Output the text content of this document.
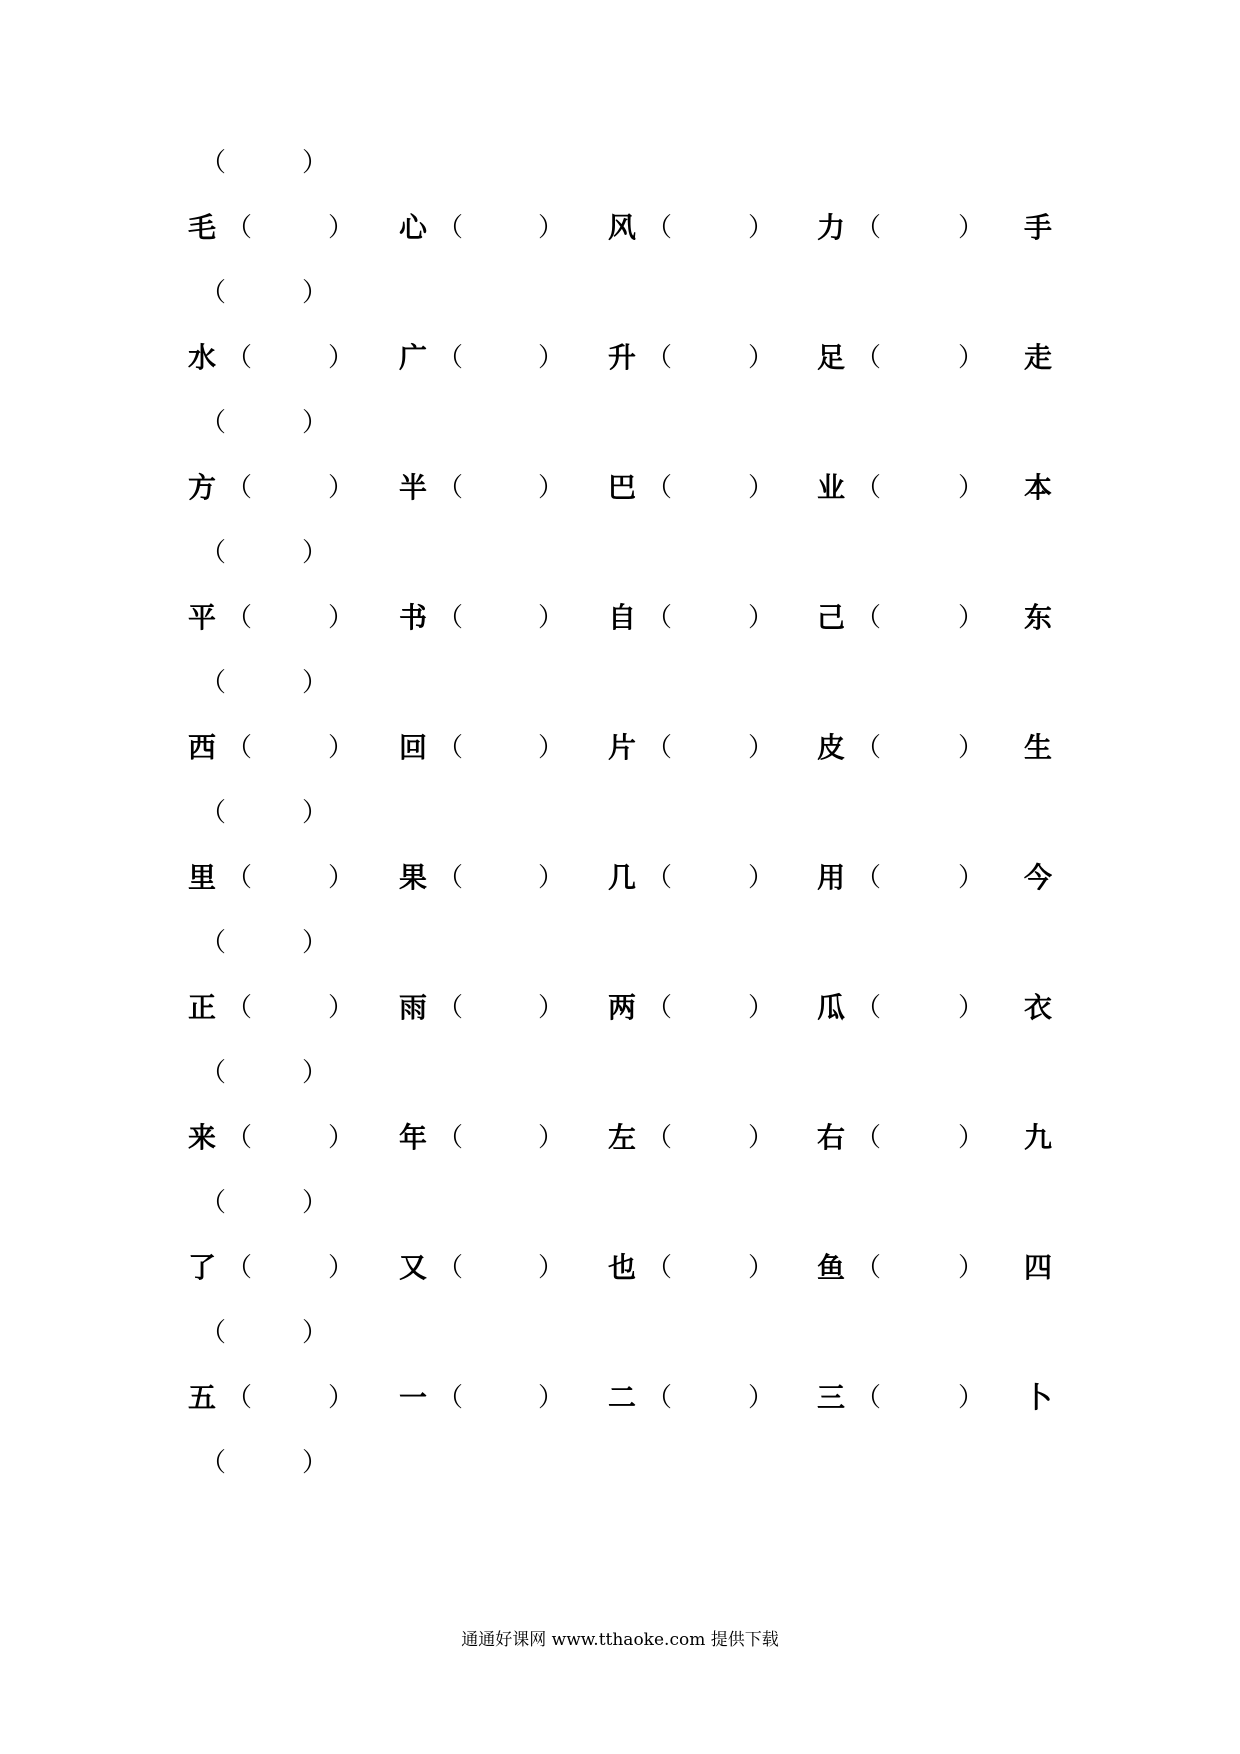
（	）
毛 （	） 心 （	） 风 （	） 力 （	） 手
（	）
水 （	） 广 （	） 升 （	） 足 （	） 走
（	）
方 （	） 半 （	） 巴 （	） 业 （	） 本
（	）
平 （	） 书 （	） 自 （	） 己 （	） 东
（	）
西 （	） 回 （	） 片 （	） 皮 （	） 生
（	）
里 （	） 果 （	） 几 （	） 用 （	） 今
（	）
正 （	） 雨 （	） 两 （	） 瓜 （	） 衣
（	）
来 （	） 年 （	） 左 （	） 右 （	） 九
（	）
了 （	） 又 （	） 也 （	） 鱼 （	） 四
（	）
五 （	） 一 （	） 二 （	） 三 （	） 卜
（	）
通通好课网 www.tthaoke.com 提供下载
